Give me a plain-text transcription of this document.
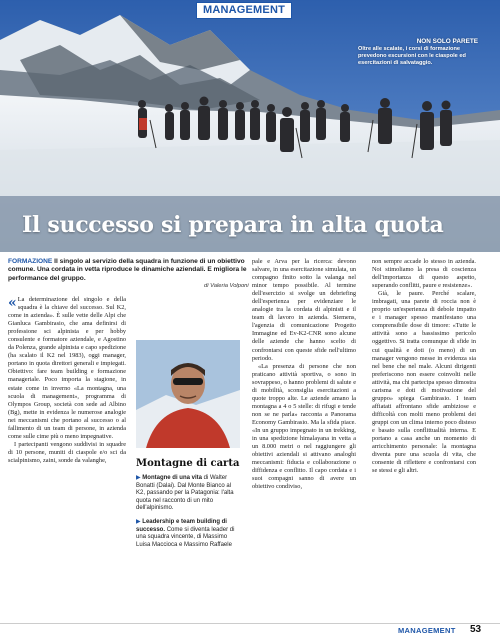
MANAGEMENT
NON SOLO PARETE
Oltre alle scalate, i corsi di formazione prevedono escursioni con le ciaspole ed esercitazioni di salvataggio.
Il successo si prepara in alta quota
FORMAZIONE Il singolo al servizio della squadra in funzione di un obiettivo comune. Una cordata in vetta riproduce le dinamiche aziendali. E migliora le performance del gruppo.
di Valeria Volponi

« La determinazione del singolo e della squadra è la chiave del successo. Sul K2, come in azienda». È sulle vette delle Alpi che Gianluca Gambirasio, che ama definirsi di professione sci alpinista e per hobby consulente e formatore aziendale, e Agostino da Polenza, grande alpinista e capo spedizione (ha scalato il K2 nel 1983), oggi manager, portano in quota direttori generali e impiegati. Obiettivo: fare team building e formazione manageriale. Poco importa la stagione, in estate come in inverno «La montagna, una scuola di management», programma di Olympos Group, società con sede ad Albino (Bg), mette in evidenza le numerose analogie nei meccanismi che portano al successo o al fallimento di un team di persone, in azienda come sulle cime più o meno impegnative.

I partecipanti vengono suddivisi in squadre di 10 persone, muniti di ciaspole e/o sci da scialpinismo, zaini, sonde da valanghe,	Montagne di carta
▶ Montagne di una vita di Walter Bonatti (Dalai). Dal Monte Bianco al K2, passando per la Patagonia: l'alta quota nel racconto di un mito dell'alpinismo.
▶ Leadership e team building di successo. Come si diventa leader di una squadra vincente, di Massimo Luisa Maccioca e Massimo Raffaele

pale e Arva per la ricerca: devono salvare, in una esercitazione simulata, un compagno finito sotto la valanga nel minor tempo possibile. Al termine dell'esercizio si svolge un debriefing dell'esperienza per evidenziare le analogie tra la cordata di alpinisti e il team di lavoro in azienda. Siemens, l'agenzia di comunicazione Progetto Immagine ed Ev-K2-CNR sono alcune delle aziende che hanno scelto di confrontarsi con queste sfide nell'ultimo periodo.

«La presenza di persone che non praticano attività sportiva, o sono in sovrappeso, o hanno problemi di salute e di mobilità, sconsiglia esercitazioni a quote troppo alte. Le aziende amano la montagna a 4 o 5 stelle: di rifugi e tende non se ne parla» racconta a Panorama Economy Gambirasio. Ma la sfida piace. «In un gruppo impegnato in un trekking, in una spedizione himalayana in vetta a un 8.000 metri o nel raggiungere gli obiettivi aziendali si attivano analoghi meccanismi: fiducia e collaborazione o diffidenza e conflitto. Il capo cordata e i suoi compagni sanno di avere un obiettivo condiviso,

non sempre accade lo stesso in azienda. Noi stimoliamo la presa di coscienza dell'importanza di questo aspetto, superando conflitti, paure e resistenze».

Già, le paure. Perché scalare, imbragati, una parete di roccia non è proprio un'esperienza di debole impatto e i manager spesso manifestano una comprensibile dose di timore: «Tutte le attività sono a bassissimo pericolo oggettivo. Si tratta comunque di sfide in cui qualità e doti (o meno) di un manager vengono messe in evidenza sia nel bene che nel male. Alcuni dirigenti preferiscono non essere coinvolti nelle attività, ma chi partecipa spesso dimostra carisma e doti di motivazione del gruppo» spiega Gambirasio. I team affiatati affrontano sfide ambiziose e difficoltà con molti meno problemi dei gruppi con un clima interno poco disteso e basato sulla conflittualità interna. E portano a casa anche un momento di arricchimento personale: la montagna diventa pure una scuola di vita, che consente di riflettere e confrontarsi con se stessi e gli altri.

MANAGEMENT 53
